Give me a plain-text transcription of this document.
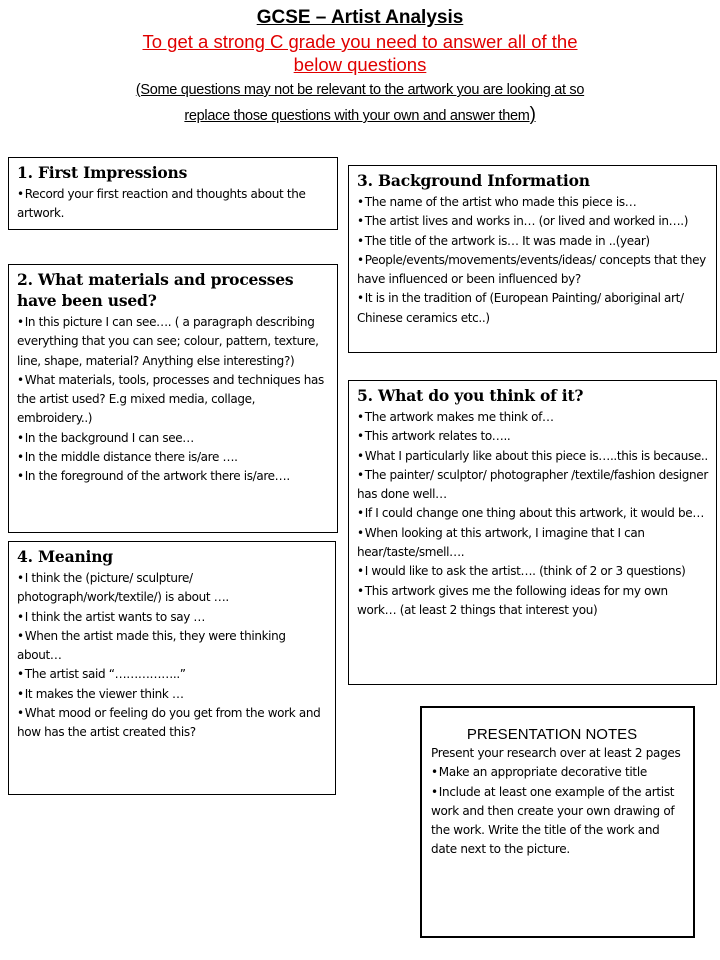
GCSE – Artist Analysis
To get a strong C grade you need to answer all of the
below questions
(Some questions may not be relevant to the artwork you are looking at so
replace those questions with your own and answer them)
1. First Impressions
•Record your first reaction and thoughts about the artwork.
2. What materials and processes have been used?
•In this picture I can see…. ( a paragraph describing everything that you can see; colour, pattern, texture, line, shape, material? Anything else interesting?)
•What materials, tools, processes and techniques has the artist used? E.g mixed media, collage, embroidery..)
•In the background I can see…
•In the middle distance there is/are ….
•In the foreground of the artwork there is/are….
4. Meaning
•I think the (picture/ sculpture/ photograph/work/textile/) is about ….
•I think the artist wants to say …
•When the artist made this, they were thinking about…
•The artist said “……………..”
•It makes the viewer think …
•What mood or feeling do you get from the work and how has the artist created this?
3. Background Information
•The name of the artist who made this piece is…
•The artist lives and works in… (or lived and worked in….)
•The title of the artwork is… It was made in ..(year)
•People/events/movements/events/ideas/ concepts that they have influenced or been influenced by?
•It is in the tradition of (European Painting/ aboriginal art/ Chinese ceramics etc..)
5. What do you think of it?
•The artwork makes me think of…
•This artwork relates to…..
•What I particularly like about this piece is…..this is because..
•The painter/ sculptor/ photographer /textile/fashion designer has done well…
•If I could change one thing about this artwork, it would be…
•When looking at this artwork, I imagine that I can hear/taste/smell….
•I would like to ask the artist…. (think of 2 or 3 questions)
•This artwork gives me the following ideas for my own work… (at least 2 things that interest you)
PRESENTATION NOTES
Present your research over at least 2 pages
•Make an appropriate decorative title
•Include at least one example of the artist work and then create your own drawing of the work. Write the title of the work and date next to the picture.
